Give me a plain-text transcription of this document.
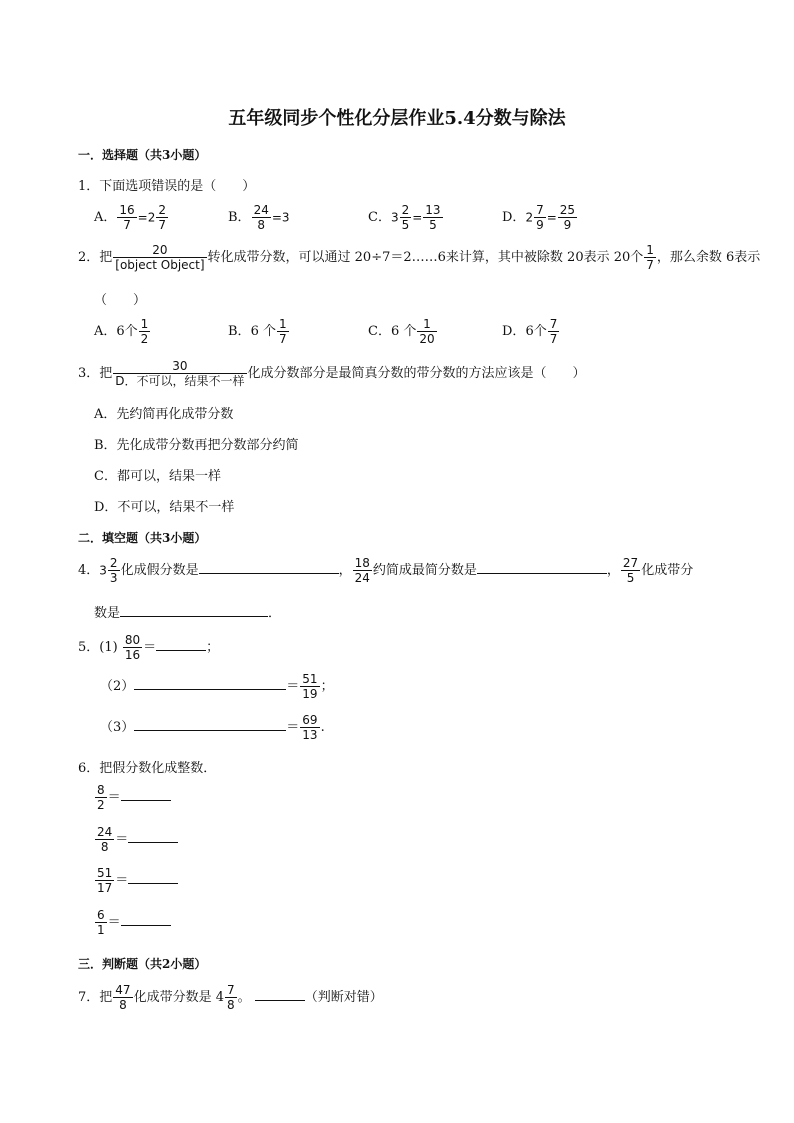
五年级同步个性化分层作业5.4分数与除法
一．选择题（共3小题）
1．下面选项错误的是（　　）
A． $\frac{16}{7} =2 \frac{2}{7}$	B． $\frac{24}{8} =3$	C．$3 \frac{2}{5} = \frac{13}{5}$	D．$2 \frac{7}{9} = \frac{25}{9}$
2．把 $\frac{20}{\text{[object Object]}}$ 转化成带分数，可以通过 20÷7＝2……6来计算，其中被除数 20表示 20个 $\frac{1}{7}$ ，那么余数 6表示
（　　）
A．6个 $\frac{1}{2}$	B．6 个 $\frac{1}{7}$	C．6 个 $\frac{1}{20}$	D．6个 $\frac{7}{7}$
3．把 $\frac{30}{\text{D．不可以，结果不一样}}$ 化成分数部分是最简真分数的带分数的方法应该是（　　）
A．先约简再化成带分数
B．先化成带分数再把分数部分约简
C．都可以，结果一样
D．不可以，结果不一样
二．填空题（共3小题）
4．$3 \frac{2}{3}$ 化成假分数是	， $\frac{18}{24}$ 约简成最简分数是	， $\frac{27}{5}$ 化成带分
数是	．
5．$(1) \frac{80}{16}$ ＝	；
（2）	＝ $\frac{51}{19}$ ；
（3）	＝ $\frac{69}{13}$ .
6．把假分数化成整数．
$\frac{8}{2}$ ＝
$\frac{24}{8}$ ＝
$\frac{51}{17}$ ＝
$\frac{6}{1}$ ＝
三．判断题（共2小题）
7．把 $\frac{47}{8}$ 化成带分数是 $4 \frac{7}{8}$ 。	（判断对错）
